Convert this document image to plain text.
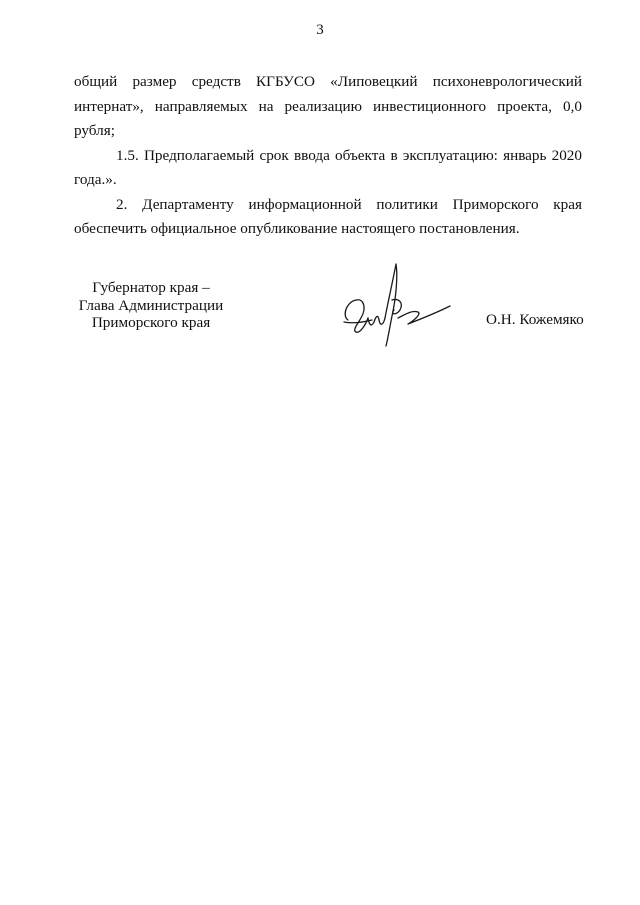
3

общий размер средств КГБУСО «Липовецкий психоневрологический интернат», направляемых на реализацию инвестиционного проекта, 0,0 рубля;

1.5. Предполагаемый срок ввода объекта в эксплуатацию: январь 2020 года.».

2. Департаменту информационной политики Приморского края обеспечить официальное опубликование настоящего постановления.

Губернатор края –
Глава Администрации
Приморского края	О.Н. Кожемяко
